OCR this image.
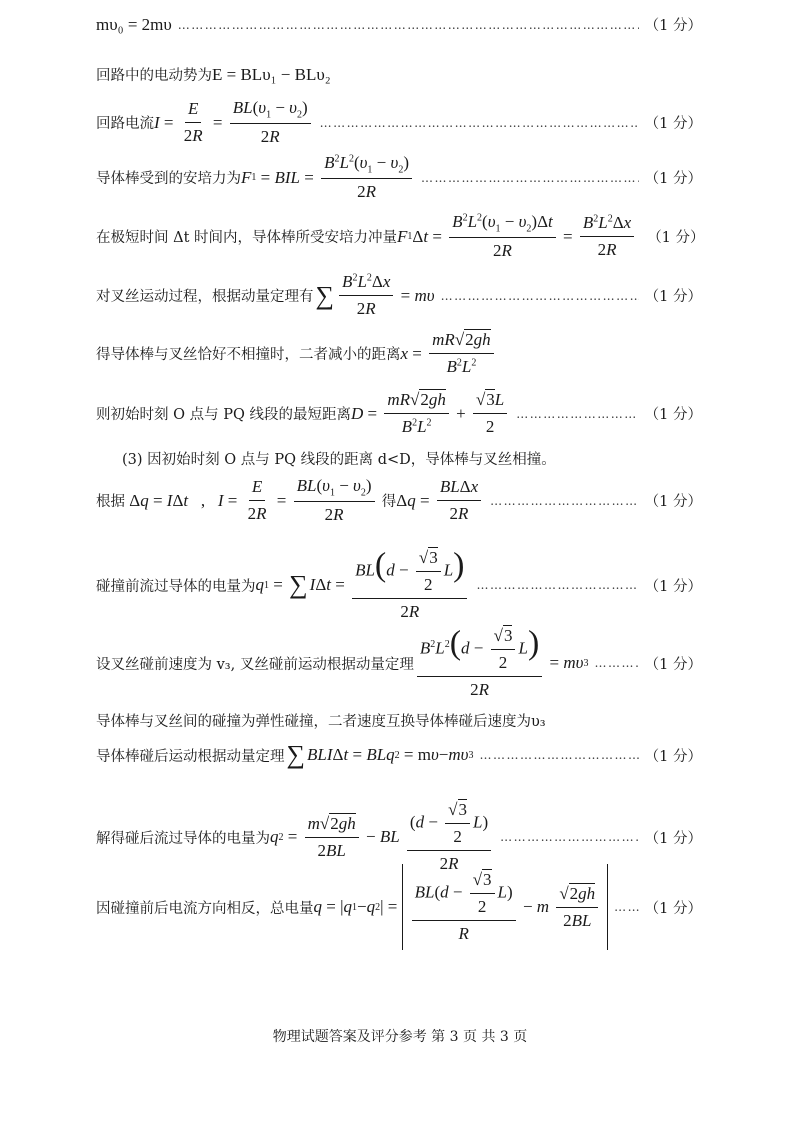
mυ₀ = 2mυ ……………………………………………………………………………………………………………………………………………………………………………………	（1 分）
回路中的电动势为 E = BLυ₁ − BLυ₂
回路电流 $I = \frac{E}{2R} = \frac{BL(\upsilon_1 - \upsilon_2)}{2R}$ ……………………………………………………………………………………………………………………………………………………………………………………	（1 分）
导体棒受到的安培力为 F 1 = BIL = $\frac{B^2L^2(\upsilon_1 - \upsilon_2)}{2R}$ ……………………………………………………………………………………………………………………………………………………………………………………	（1 分）
在极短时间 Δt 时间内，导体棒所受安培力冲量 F 1 Δ $t = \frac{B^2L^2(\upsilon_1 - \upsilon_2)\Delta t}{2R} = \frac{B^2L^2\Delta x}{2R} (1$ 分）
对叉丝运动过程，根据动量定理有 ∑ $\frac{B^2L^2\Delta x}{2R} = m\upsilon$ ……………………………………………………………………………………………………………………………………………………………………………………	（1 分）
得导体棒与叉丝恰好不相撞时，二者减小的距离 $x = \frac{mR√2gh}{B^2L^2}$
则初始时刻 O 点与 PQ 线段的最短距离 $D = \frac{mR√2gh}{B^2L^2} + \frac{√3L}{2}$ ……………………………………………………………………………………………………………………………………………………………………………………	（1 分）
(3) 因初始时刻 O 点与 PQ 线段的距离 d<D，导体棒与叉丝相撞。
根据 Δ q = I Δ t , $I = \frac{E}{2R} = \frac{BL(\upsilon_1 - \upsilon_2)}{2R}$
得 Δ $q = \frac{\text{BLΔx}}{2R}$ ……………………………………………………………………………………………………………………………………………………………………………………	（1 分）
碰撞前流过导体的电量为 q 1 = ∑ I Δ $t = \frac{BL(d - \frac{√3}{2} L)}{2R}$ ……………………………………………………………………………………………………………………………………………………………………………………	（1 分）
设叉丝碰前速度为 v₃, 叉丝碰前运动根据动量定理 $\frac{B^2L^2(d - \frac{√3}{2} L)}{2R} = m\upsilon$ 3 ……………………………………………………………………………………………………………………………………………………………………………………	（1 分）
导体棒与叉丝间的碰撞为弹性碰撞，二者速度互换导体棒碰后速度为υ₃
导体棒碰后运动根据动量定理 ∑ BLI Δ t = BLq 2 = m υ − mυ 3 ……………………………………………………………………………………………………………………………………………………………………………………	（1 分）
解得碰后流过导体的电量为 q $2 = \frac{m√2gh}{2BL}$ − BL
$\frac{(d - \frac{√3}{2} L)}{2R}$ ……………………………………………………………………………………………………………………………………………………………………………………	（1 分）
因碰撞前后电流方向相反，总电量 q = | q 1 − q 2 | = $\frac{BL(d - \frac{√3}{2} L)}{R} - m$
$\frac{√2gh}{2BL}$ ……………………………………………………………………………………………………………………………………………………………………………………	（1 分）
物理试题答案及评分参考 第 3 页 共 3 页
